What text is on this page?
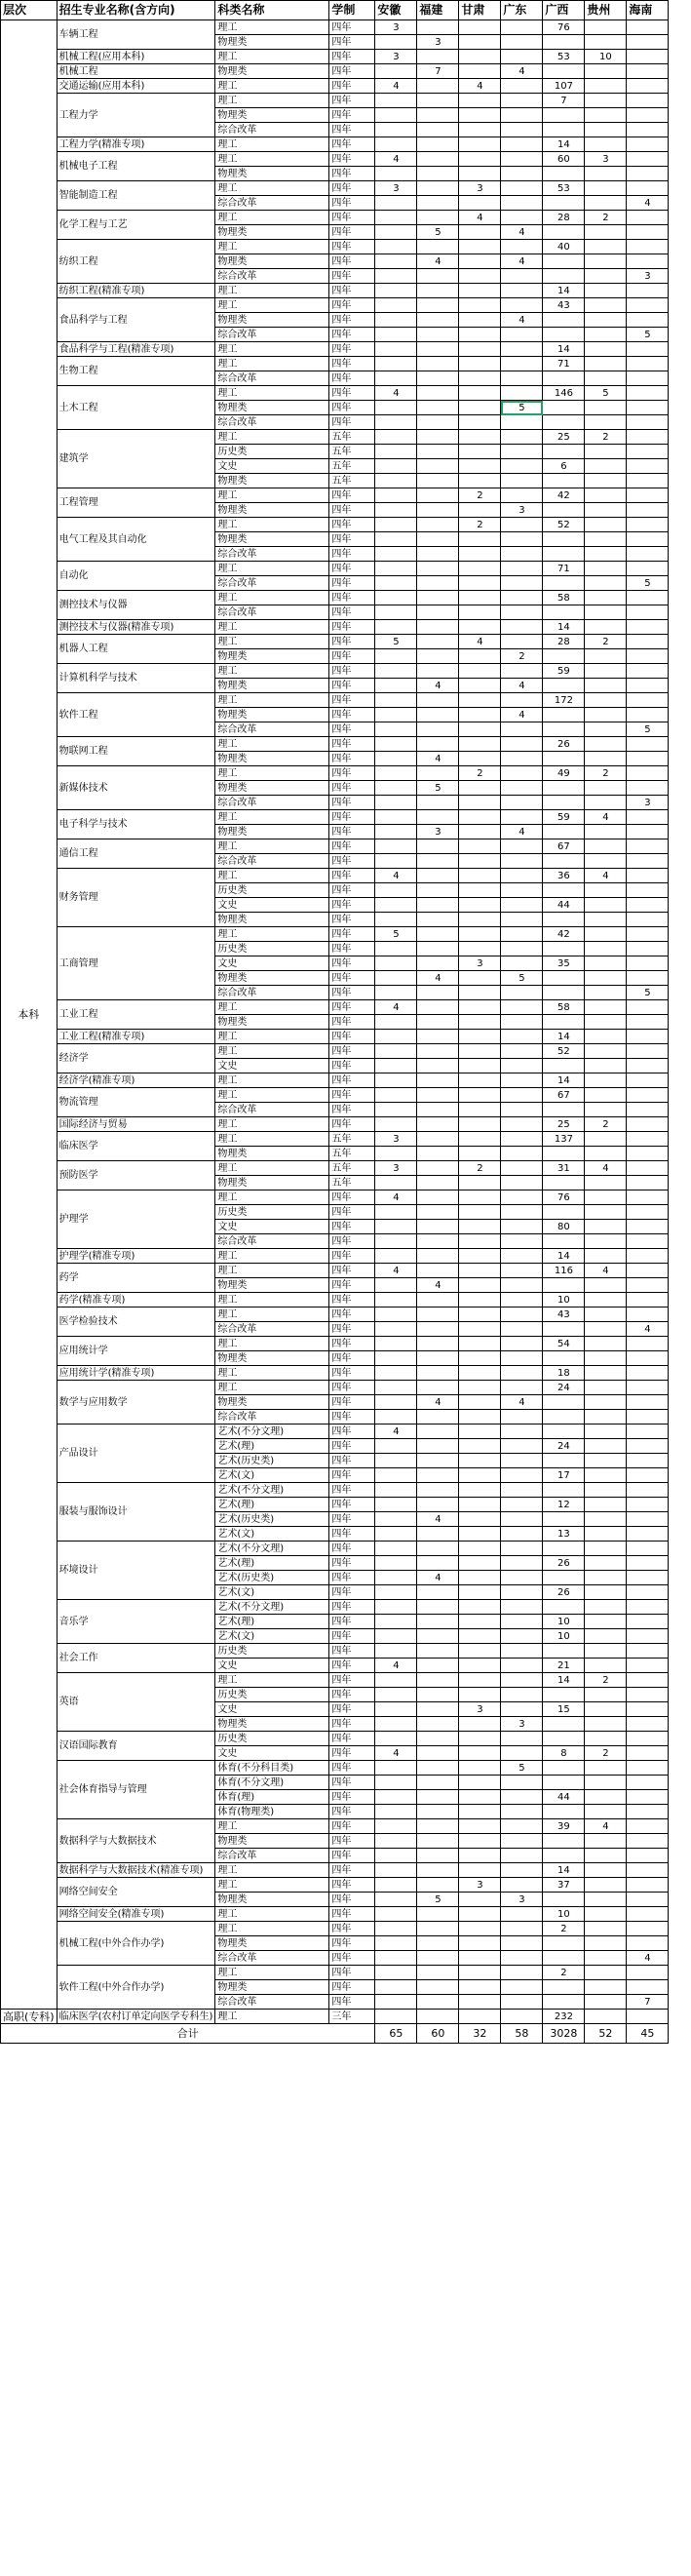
层次	招生专业名称(含方向)	科类名称	学制	安徽	福建	甘肃	广东	广西	贵州	海南
本科	车辆工程	理工	四年	3				76		
		物理类	四年		3					
	机械工程(应用本科)	理工	四年	3				53	10	
	机械工程	物理类	四年		7		4			
	交通运输(应用本科)	理工	四年	4		4		107		
	工程力学	理工	四年					7		
		物理类	四年							
		综合改革	四年							
	工程力学(精准专项)	理工	四年					14		
	机械电子工程	理工	四年	4				60	3	
		物理类	四年							
	智能制造工程	理工	四年	3		3		53		
		综合改革	四年							4
	化学工程与工艺	理工	四年			4		28	2	
		物理类	四年		5		4			
	纺织工程	理工	四年					40		
		物理类	四年		4		4			
		综合改革	四年							3
	纺织工程(精准专项)	理工	四年					14		
	食品科学与工程	理工	四年					43		
		物理类	四年				4			
		综合改革	四年							5
	食品科学与工程(精准专项)	理工	四年					14		
	生物工程	理工	四年					71		
		综合改革	四年							
	土木工程	理工	四年	4				146	5	
		物理类	四年				5			
		综合改革	四年							
	建筑学	理工	五年					25	2	
		历史类	五年							
		文史	五年					6		
		物理类	五年							
	工程管理	理工	四年			2		42		
		物理类	四年				3			
	电气工程及其自动化	理工	四年			2		52		
		物理类	四年							
		综合改革	四年							
	自动化	理工	四年					71		
		综合改革	四年							5
	测控技术与仪器	理工	四年					58		
		综合改革	四年							
	测控技术与仪器(精准专项)	理工	四年					14		
	机器人工程	理工	四年	5		4		28	2	
		物理类	四年				2			
	计算机科学与技术	理工	四年					59		
		物理类	四年		4		4			
	软件工程	理工	四年					172		
		物理类	四年				4			
		综合改革	四年							5
	物联网工程	理工	四年					26		
		物理类	四年		4					
	新媒体技术	理工	四年			2		49	2	
		物理类	四年		5					
		综合改革	四年							3
	电子科学与技术	理工	四年					59	4	
		物理类	四年		3		4			
	通信工程	理工	四年					67		
		综合改革	四年							
	财务管理	理工	四年	4				36	4	
		历史类	四年							
		文史	四年					44		
		物理类	四年							
	工商管理	理工	四年	5				42		
		历史类	四年							
		文史	四年			3		35		
		物理类	四年		4		5			
		综合改革	四年							5
	工业工程	理工	四年	4				58		
		物理类	四年							
	工业工程(精准专项)	理工	四年					14		
	经济学	理工	四年					52		
		文史	四年							
	经济学(精准专项)	理工	四年					14		
	物流管理	理工	四年					67		
		综合改革	四年							
	国际经济与贸易	理工	四年					25	2	
	临床医学	理工	五年	3				137		
		物理类	五年							
	预防医学	理工	五年	3		2		31	4	
		物理类	五年							
	护理学	理工	四年	4				76		
		历史类	四年							
		文史	四年					80		
		综合改革	四年							
	护理学(精准专项)	理工	四年					14		
	药学	理工	四年	4				116	4	
		物理类	四年		4					
	药学(精准专项)	理工	四年					10		
	医学检验技术	理工	四年					43		
		综合改革	四年							4
	应用统计学	理工	四年					54		
		物理类	四年							
	应用统计学(精准专项)	理工	四年					18		
	数学与应用数学	理工	四年					24		
		物理类	四年		4		4			
		综合改革	四年							
	产品设计	艺术(不分文理)	四年	4						
		艺术(理)	四年					24		
		艺术(历史类)	四年							
		艺术(文)	四年					17		
	服装与服饰设计	艺术(不分文理)	四年							
		艺术(理)	四年					12		
		艺术(历史类)	四年		4					
		艺术(文)	四年					13		
	环境设计	艺术(不分文理)	四年							
		艺术(理)	四年					26		
		艺术(历史类)	四年		4					
		艺术(文)	四年					26		
	音乐学	艺术(不分文理)	四年							
		艺术(理)	四年					10		
		艺术(文)	四年					10		
	社会工作	历史类	四年							
		文史	四年	4				21		
	英语	理工	四年					14	2	
		历史类	四年							
		文史	四年			3		15		
		物理类	四年				3			
	汉语国际教育	历史类	四年							
		文史	四年	4				8	2	
	社会体育指导与管理	体育(不分科目类)	四年				5			
		体育(不分文理)	四年							
		体育(理)	四年					44		
		体育(物理类)	四年							
	数据科学与大数据技术	理工	四年					39	4	
		物理类	四年							
		综合改革	四年							
	数据科学与大数据技术(精准专项)	理工	四年					14		
	网络空间安全	理工	四年			3		37		
		物理类	四年		5		3			
	网络空间安全(精准专项)	理工	四年					10		
	机械工程(中外合作办学)	理工	四年					2		
		物理类	四年							
		综合改革	四年							4
	软件工程(中外合作办学)	理工	四年					2		
		物理类	四年							
		综合改革	四年							7
高职(专科)	临床医学(农村订单定向医学专科生)	理工	三年					232		
合计				65	60	32	58	3028	52	45
